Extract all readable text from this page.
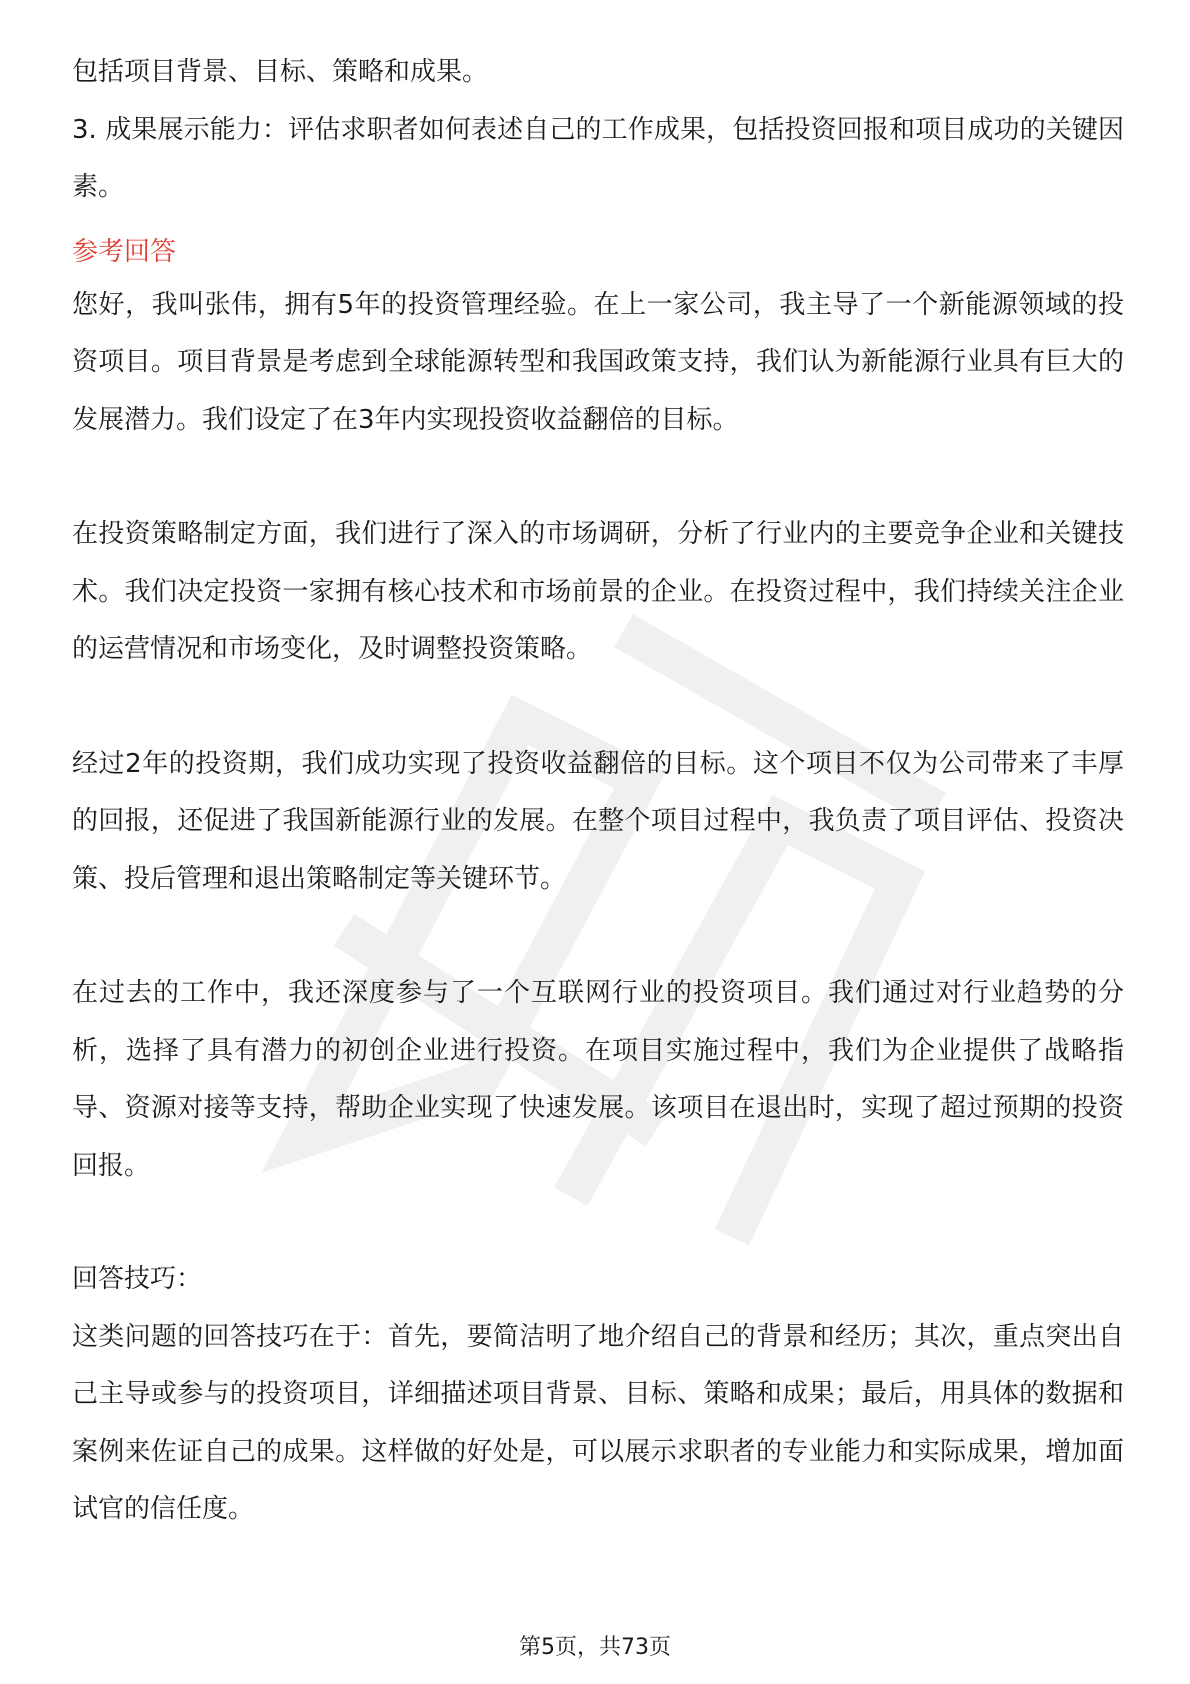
包括项目背景、目标、策略和成果。

3. 成果展示能力：评估求职者如何表述自己的工作成果，包括投资回报和项目成功的关键因素。

参考回答

您好，我叫张伟，拥有5年的投资管理经验。在上一家公司，我主导了一个新能源领域的投资项目。项目背景是考虑到全球能源转型和我国政策支持，我们认为新能源行业具有巨大的发展潜力。我们设定了在3年内实现投资收益翻倍的目标。

在投资策略制定方面，我们进行了深入的市场调研，分析了行业内的主要竞争企业和关键技术。我们决定投资一家拥有核心技术和市场前景的企业。在投资过程中，我们持续关注企业的运营情况和市场变化，及时调整投资策略。

经过2年的投资期，我们成功实现了投资收益翻倍的目标。这个项目不仅为公司带来了丰厚的回报，还促进了我国新能源行业的发展。在整个项目过程中，我负责了项目评估、投资决策、投后管理和退出策略制定等关键环节。

在过去的工作中，我还深度参与了一个互联网行业的投资项目。我们通过对行业趋势的分析，选择了具有潜力的初创企业进行投资。在项目实施过程中，我们为企业提供了战略指导、资源对接等支持，帮助企业实现了快速发展。该项目在退出时，实现了超过预期的投资回报。

回答技巧：

这类问题的回答技巧在于：首先，要简洁明了地介绍自己的背景和经历；其次，重点突出自己主导或参与的投资项目，详细描述项目背景、目标、策略和成果；最后，用具体的数据和案例来佐证自己的成果。这样做的好处是，可以展示求职者的专业能力和实际成果，增加面试官的信任度。

第5页，共73页
